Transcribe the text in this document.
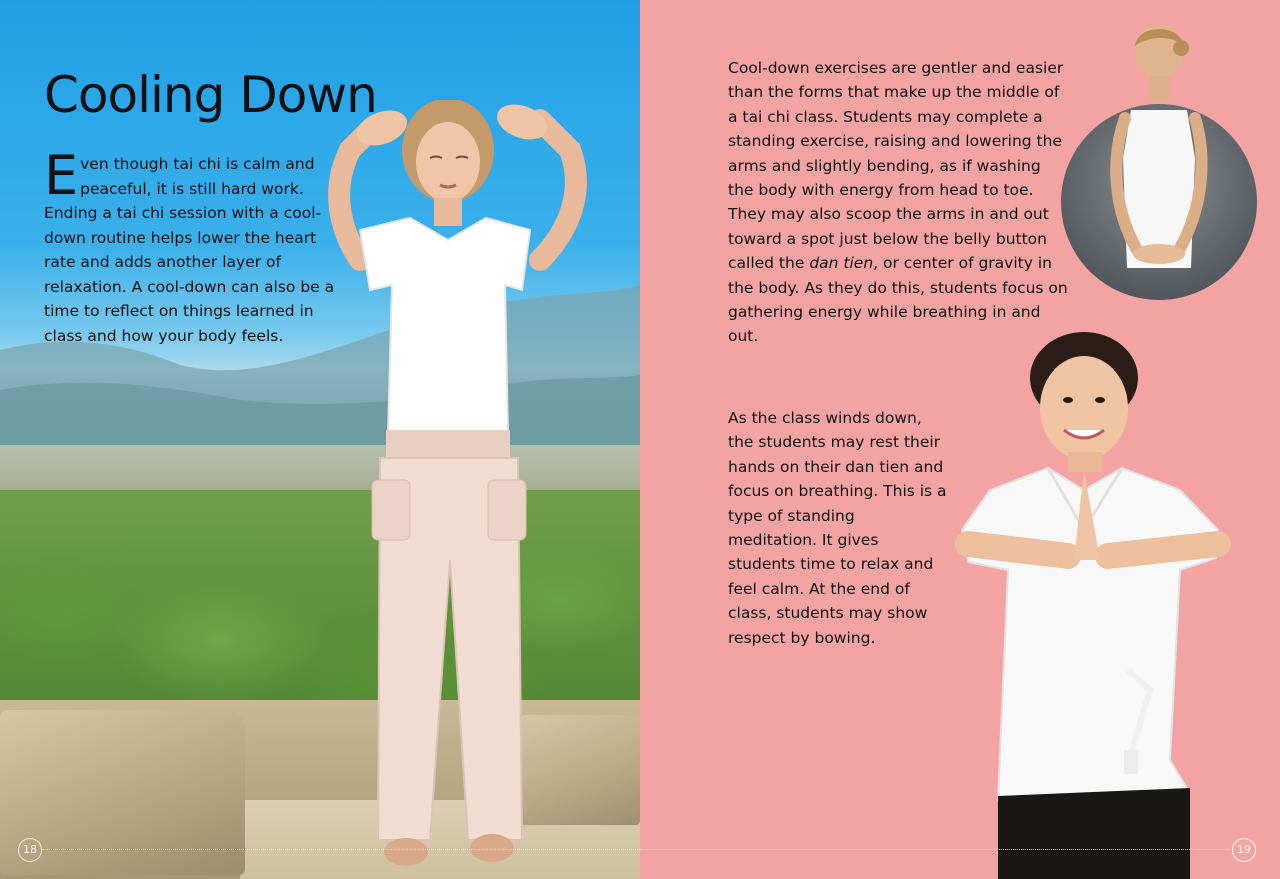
Cooling Down

Even though tai chi is calm and peaceful, it is still hard work. Ending a tai chi session with a cool-down routine helps lower the heart rate and adds another layer of relaxation. A cool-down can also be a time to reflect on things learned in class and how your body feels.

18

Cool-down exercises are gentler and easier than the forms that make up the middle of a tai chi class. Students may complete a standing exercise, raising and lowering the arms and slightly bending, as if washing the body with energy from head to toe. They may also scoop the arms in and out toward a spot just below the belly button called the dan tien, or center of gravity in the body. As they do this, students focus on gathering energy while breathing in and out.

As the class winds down, the students may rest their hands on their dan tien and focus on breathing. This is a type of standing meditation. It gives students time to relax and feel calm. At the end of class, students may show respect by bowing.

19
